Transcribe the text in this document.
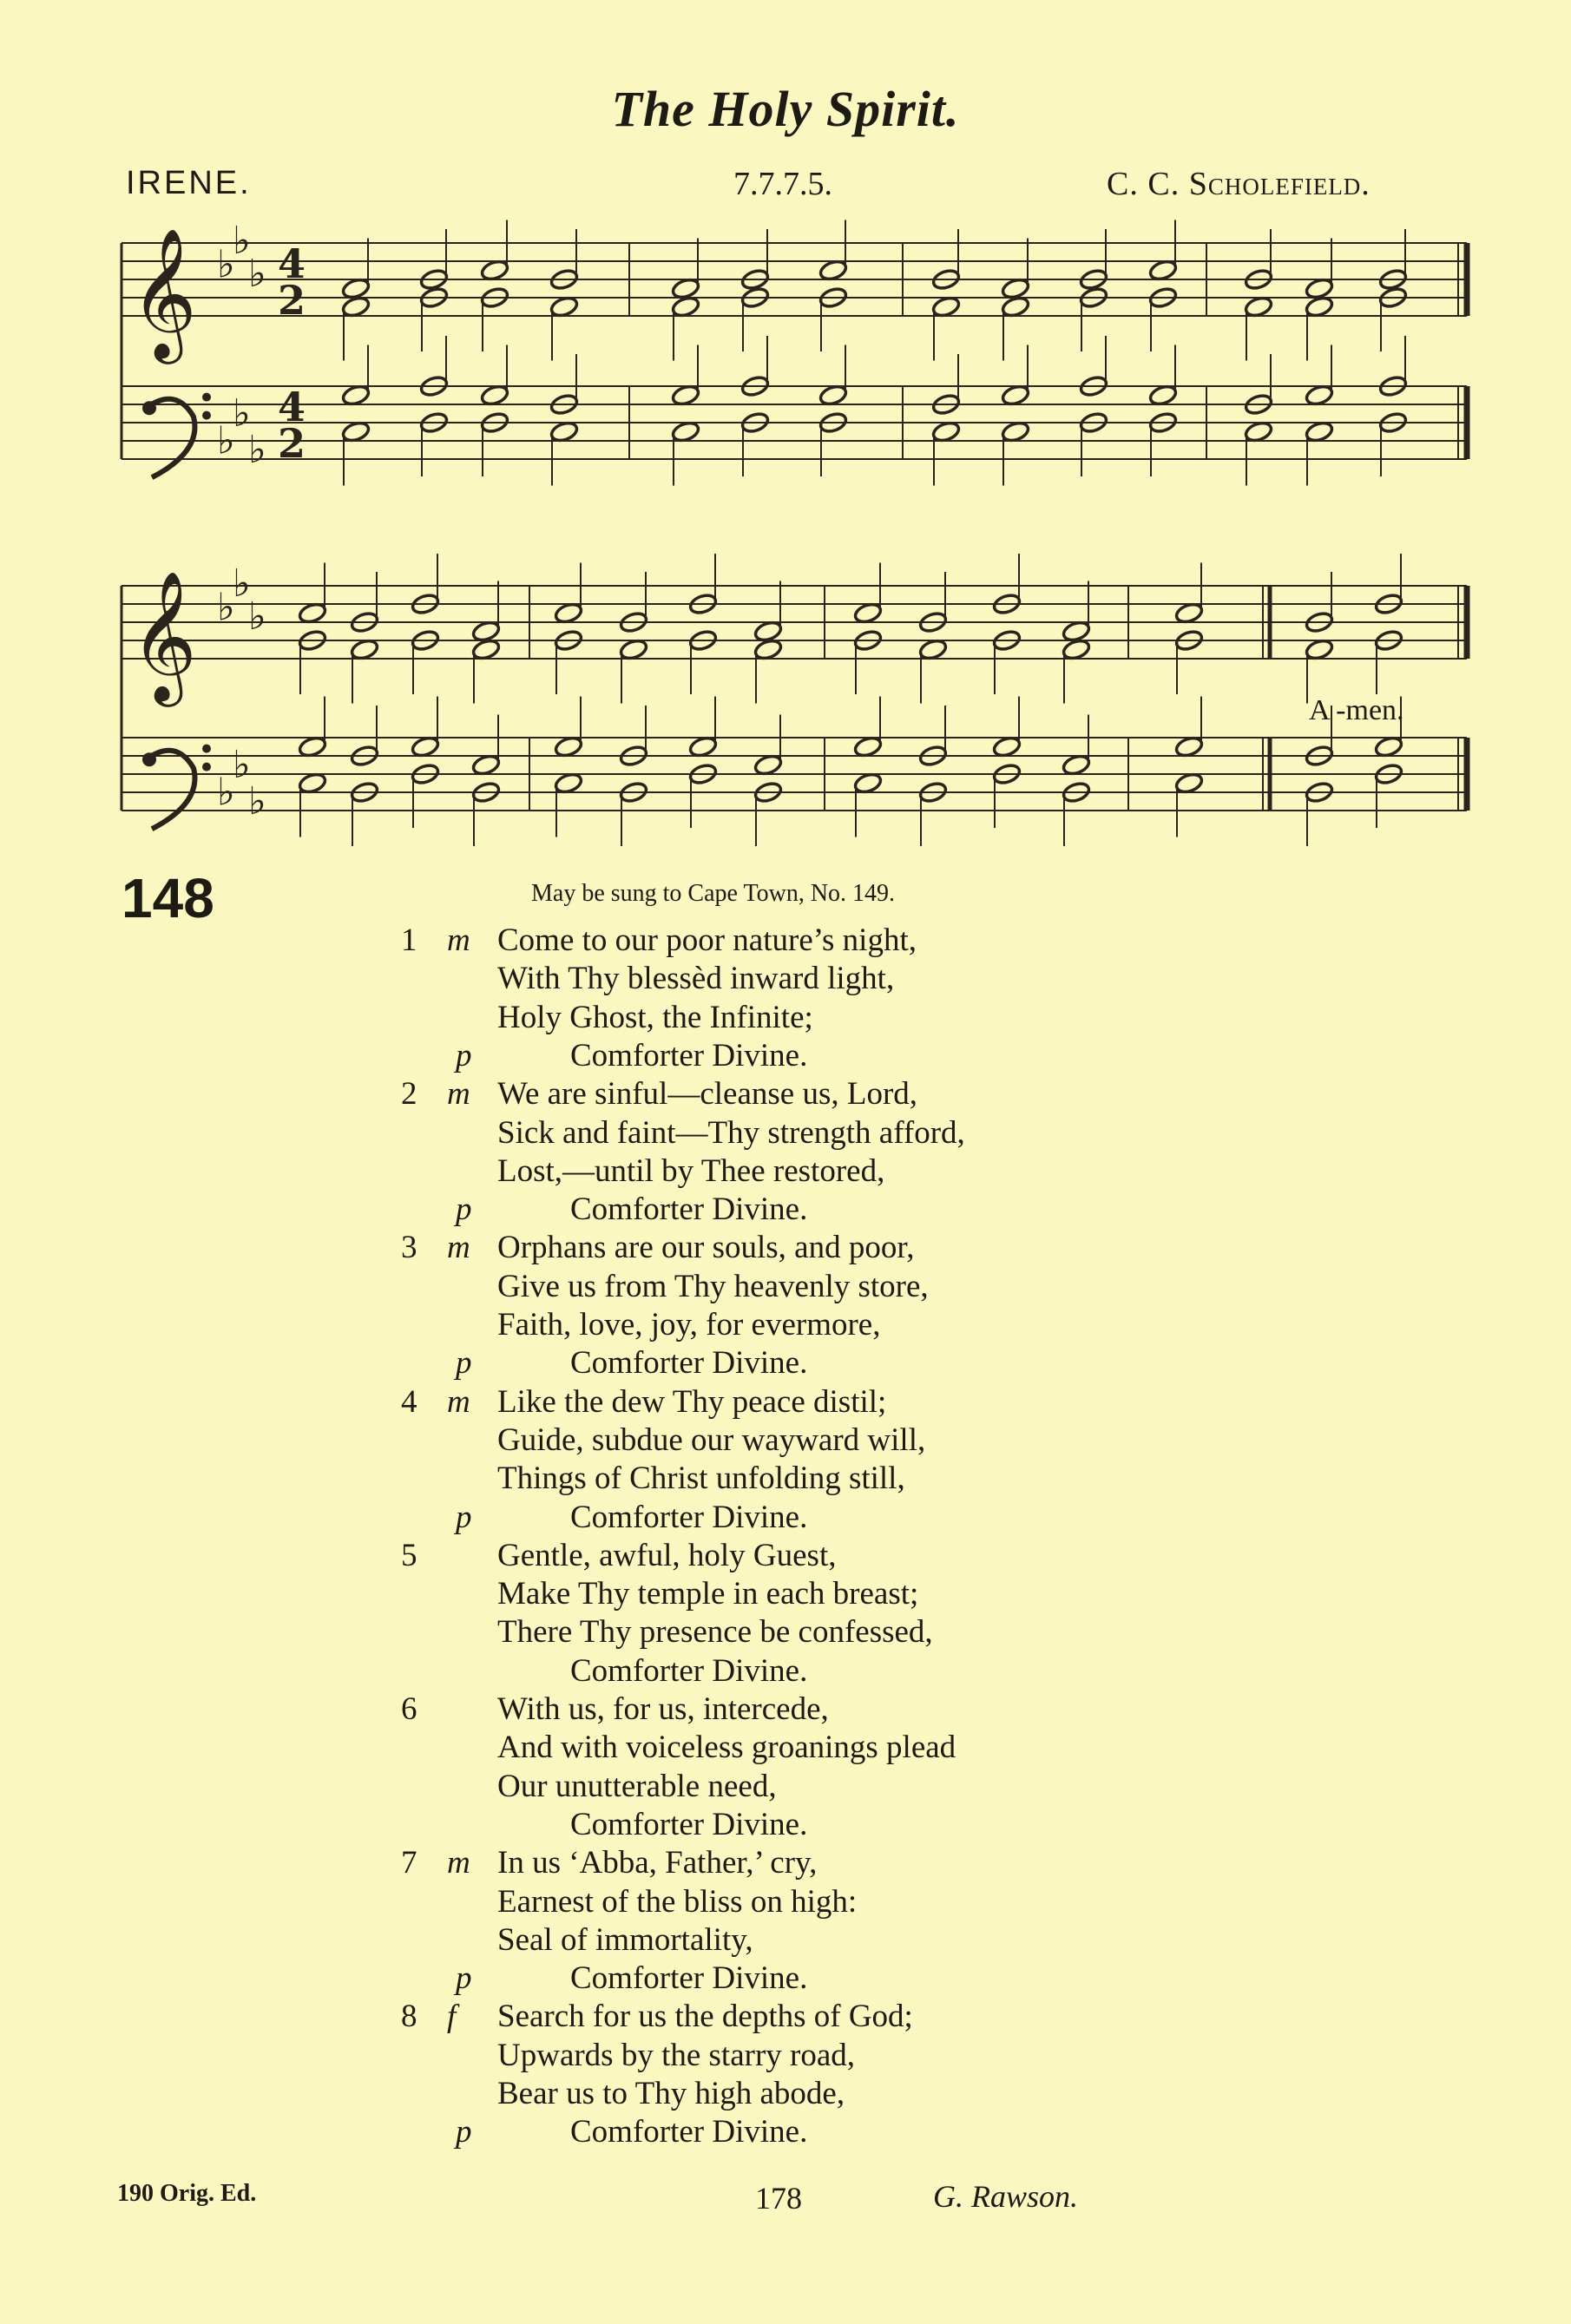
The Holy Spirit.
IRENE.	7.7.7.5.	C. C. Scholefield.
𝄞 ♭
♭
♭
♭
♭
♭
4
2
4
2
𝄞 ♭
♭
♭
♭
♭
♭
A -men.
148	May be sung to Cape Town, No. 149.
1 m Come to our poor nature’s night,
With Thy blessèd inward light,
Holy Ghost, the Infinite;
p	Comforter Divine.
2 m We are sinful—cleanse us, Lord,
Sick and faint—Thy strength afford,
Lost,—until by Thee restored,
p	Comforter Divine.
3 m Orphans are our souls, and poor,
Give us from Thy heavenly store,
Faith, love, joy, for evermore,
p	Comforter Divine.
4 m Like the dew Thy peace distil;
Guide, subdue our wayward will,
Things of Christ unfolding still,
p	Comforter Divine.
5	Gentle, awful, holy Guest,
Make Thy temple in each breast;
There Thy presence be confessed,
Comforter Divine.
6	With us, for us, intercede,
And with voiceless groanings plead
Our unutterable need,
Comforter Divine.
7 m In us ‘Abba, Father,’ cry,
Earnest of the bliss on high:
Seal of immortality,
p	Comforter Divine.
8 f Search for us the depths of God;
Upwards by the starry road,
Bear us to Thy high abode,
p	Comforter Divine.
190 Orig. Ed.	178	G. Rawson.
